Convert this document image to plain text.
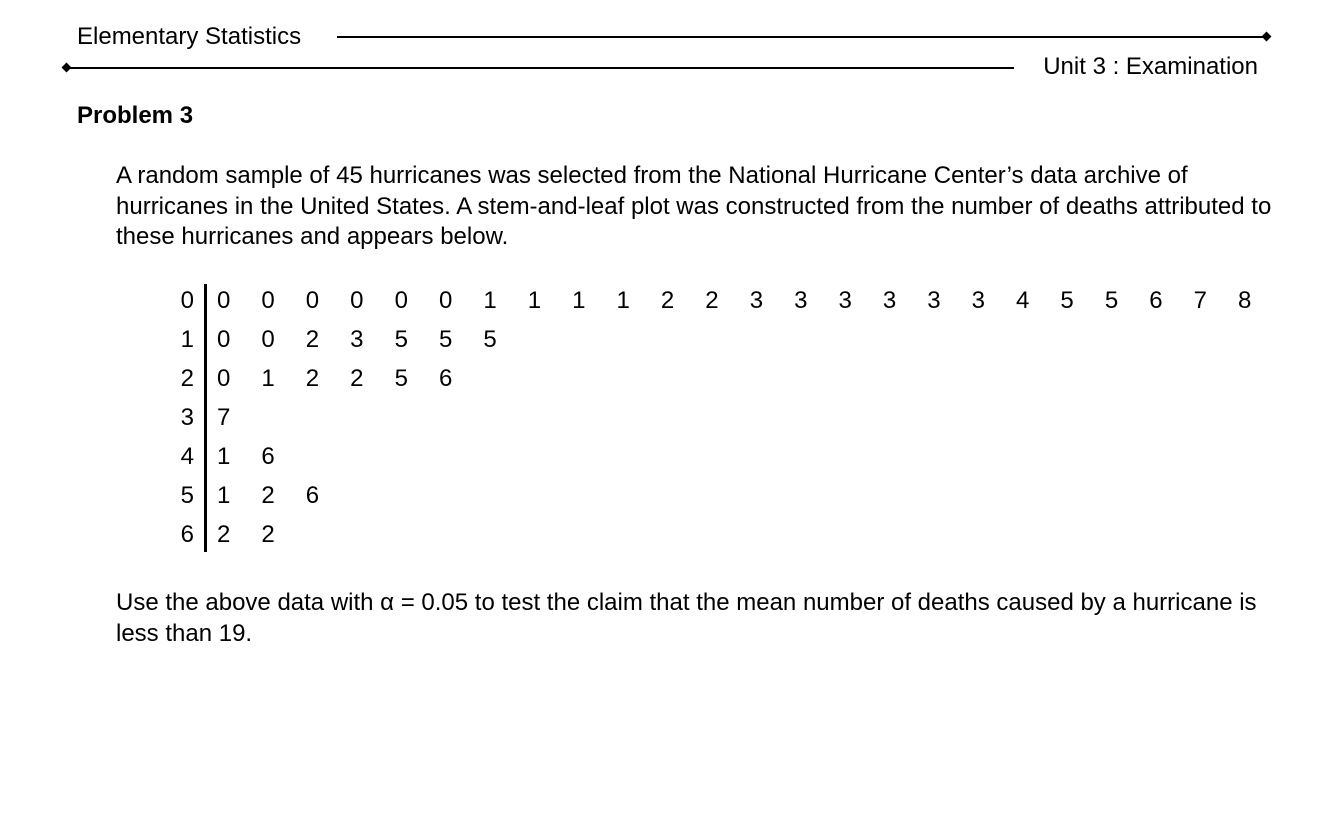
Elementary Statistics
Unit 3 : Examination
Problem 3
A random sample of 45 hurricanes was selected from the National Hurricane Center’s data archive of hurricanes in the United States. A stem-and-leaf plot was constructed from the number of deaths attributed to these hurricanes and appears below.
0 0	0	0	0	0	0	1	1	1	1	2	2	3	3	3	3	3	3	4	5	5	6	7	8
1 0	0	2	3	5	5	5
2 0	1	2	2	5	6
3 7
4 1	6
5 1	2	6
6 2	2
Use the above data with α = 0.05 to test the claim that the mean number of deaths caused by a hurricane is less than 19.
